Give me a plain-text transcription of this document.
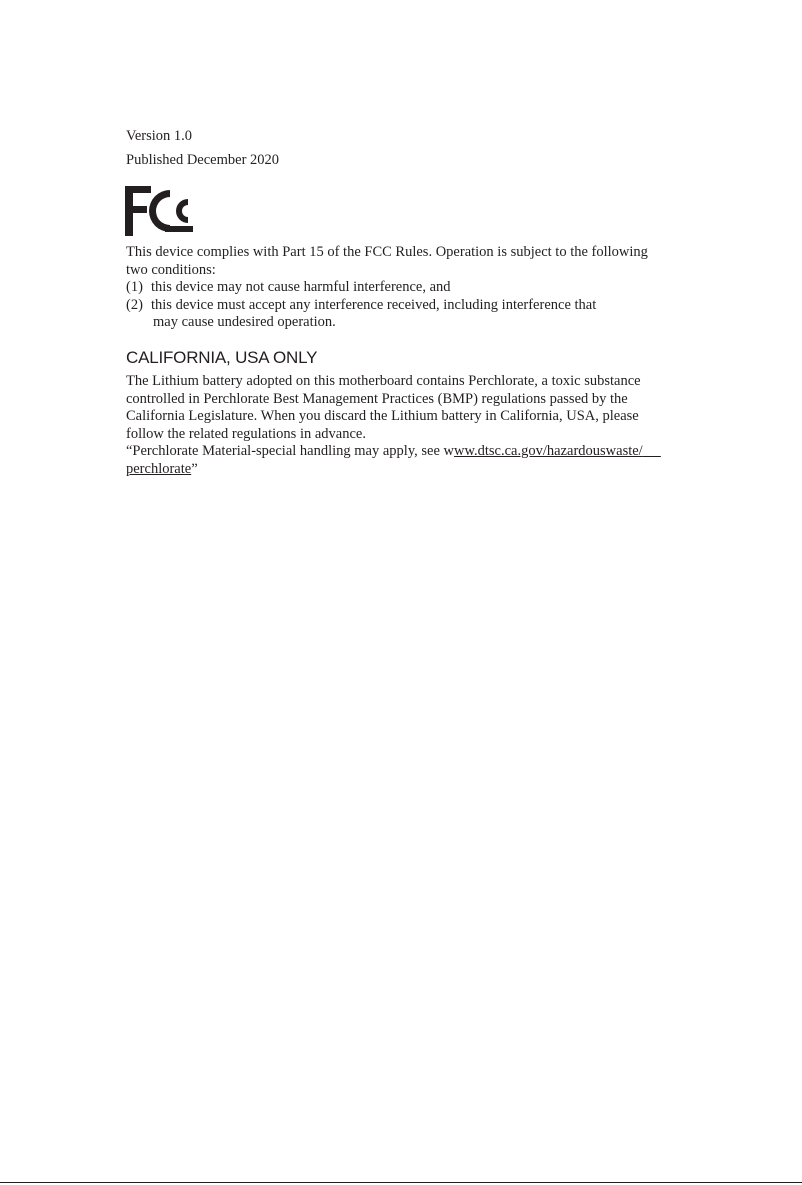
Version 1.0
Published December 2020

This device complies with Part 15 of the FCC Rules. Operation is subject to the following

two conditions:

(1) this device may not cause harmful interference, and
(2) this device must accept any interference received, including interference that
may cause undesired operation.
CALIFORNIA, USA ONLY

The Lithium battery adopted on this motherboard contains Perchlorate, a toxic substance

controlled in Perchlorate Best Management Practices (BMP) regulations passed by the

California Legislature. When you discard the Lithium battery in California, USA, please

follow the related regulations in advance.

“Perchlorate Material-special handling may apply, see www.dtsc.ca.gov/hazardouswaste/

perchlorate”
